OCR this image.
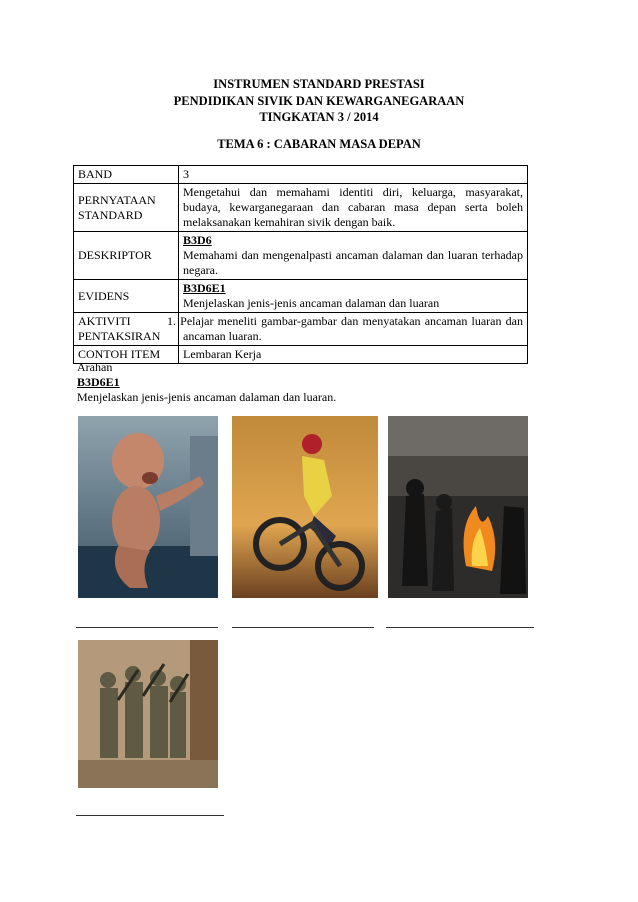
INSTRUMEN STANDARD PRESTASI
PENDIDIKAN SIVIK DAN KEWARGANEGARAAN
TINGKATAN 3 / 2014
TEMA 6 : CABARAN MASA DEPAN
BAND	3
PERNYATAAN STANDARD	Mengetahui dan memahami identiti diri, keluarga, masyarakat, budaya, kewarganegaraan dan cabaran masa depan serta boleh melaksanakan kemahiran sivik dengan baik.
DESKRIPTOR	B3D6
Memahami dan mengenalpasti ancaman dalaman dan luaran terhadap negara.

EVIDENS	B3D6E1
Menjelaskan jenis-jenis ancaman dalaman dan luaran

AKTIVITI PENTAKSIRAN	1. Pelajar meneliti gambar-gambar dan menyatakan ancaman luaran dan ancaman luaran.
CONTOH ITEM	Lembaran Kerja
Arahan
B3D6E1
Menjelaskan jenis-jenis ancaman dalaman dan luaran.
